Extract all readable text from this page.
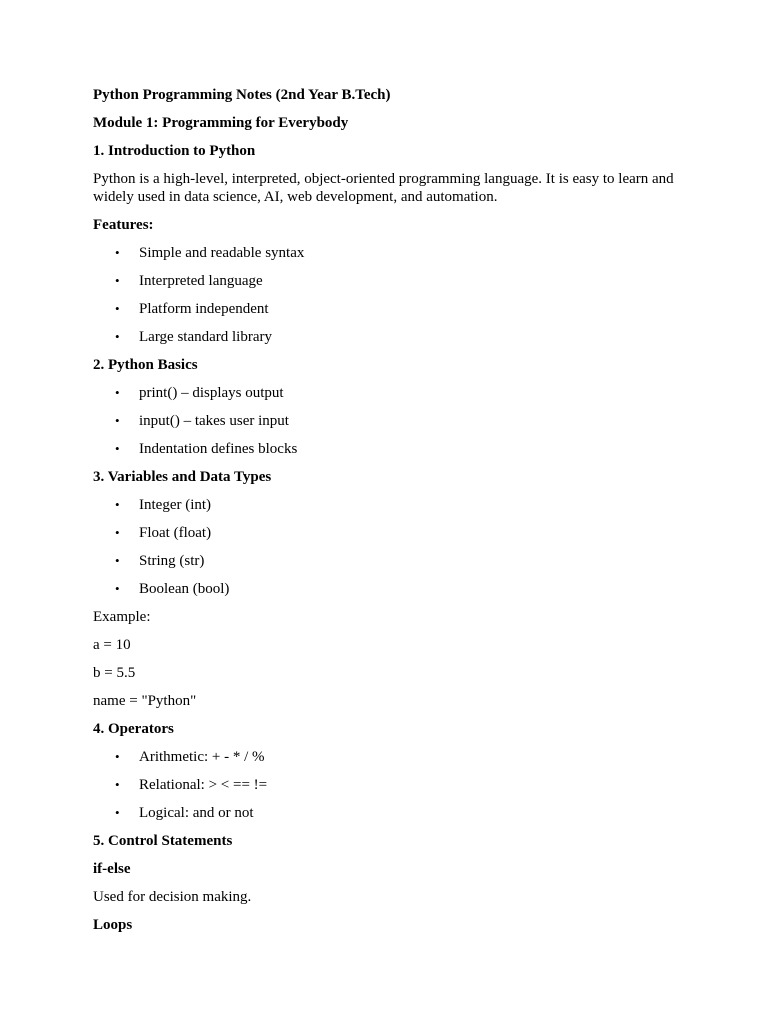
Python Programming Notes (2nd Year B.Tech)
Module 1: Programming for Everybody
1. Introduction to Python
Python is a high-level, interpreted, object-oriented programming language. It is easy to learn and widely used in data science, AI, web development, and automation.
Features:
• Simple and readable syntax
• Interpreted language
• Platform independent
• Large standard library
2. Python Basics
• print() – displays output
• input() – takes user input
• Indentation defines blocks
3. Variables and Data Types
• Integer (int)
• Float (float)
• String (str)
• Boolean (bool)
Example:
a = 10
b = 5.5
name = "Python"
4. Operators
• Arithmetic: + - * / %
• Relational: > < == !=
• Logical: and or not
5. Control Statements
if-else
Used for decision making.
Loops
